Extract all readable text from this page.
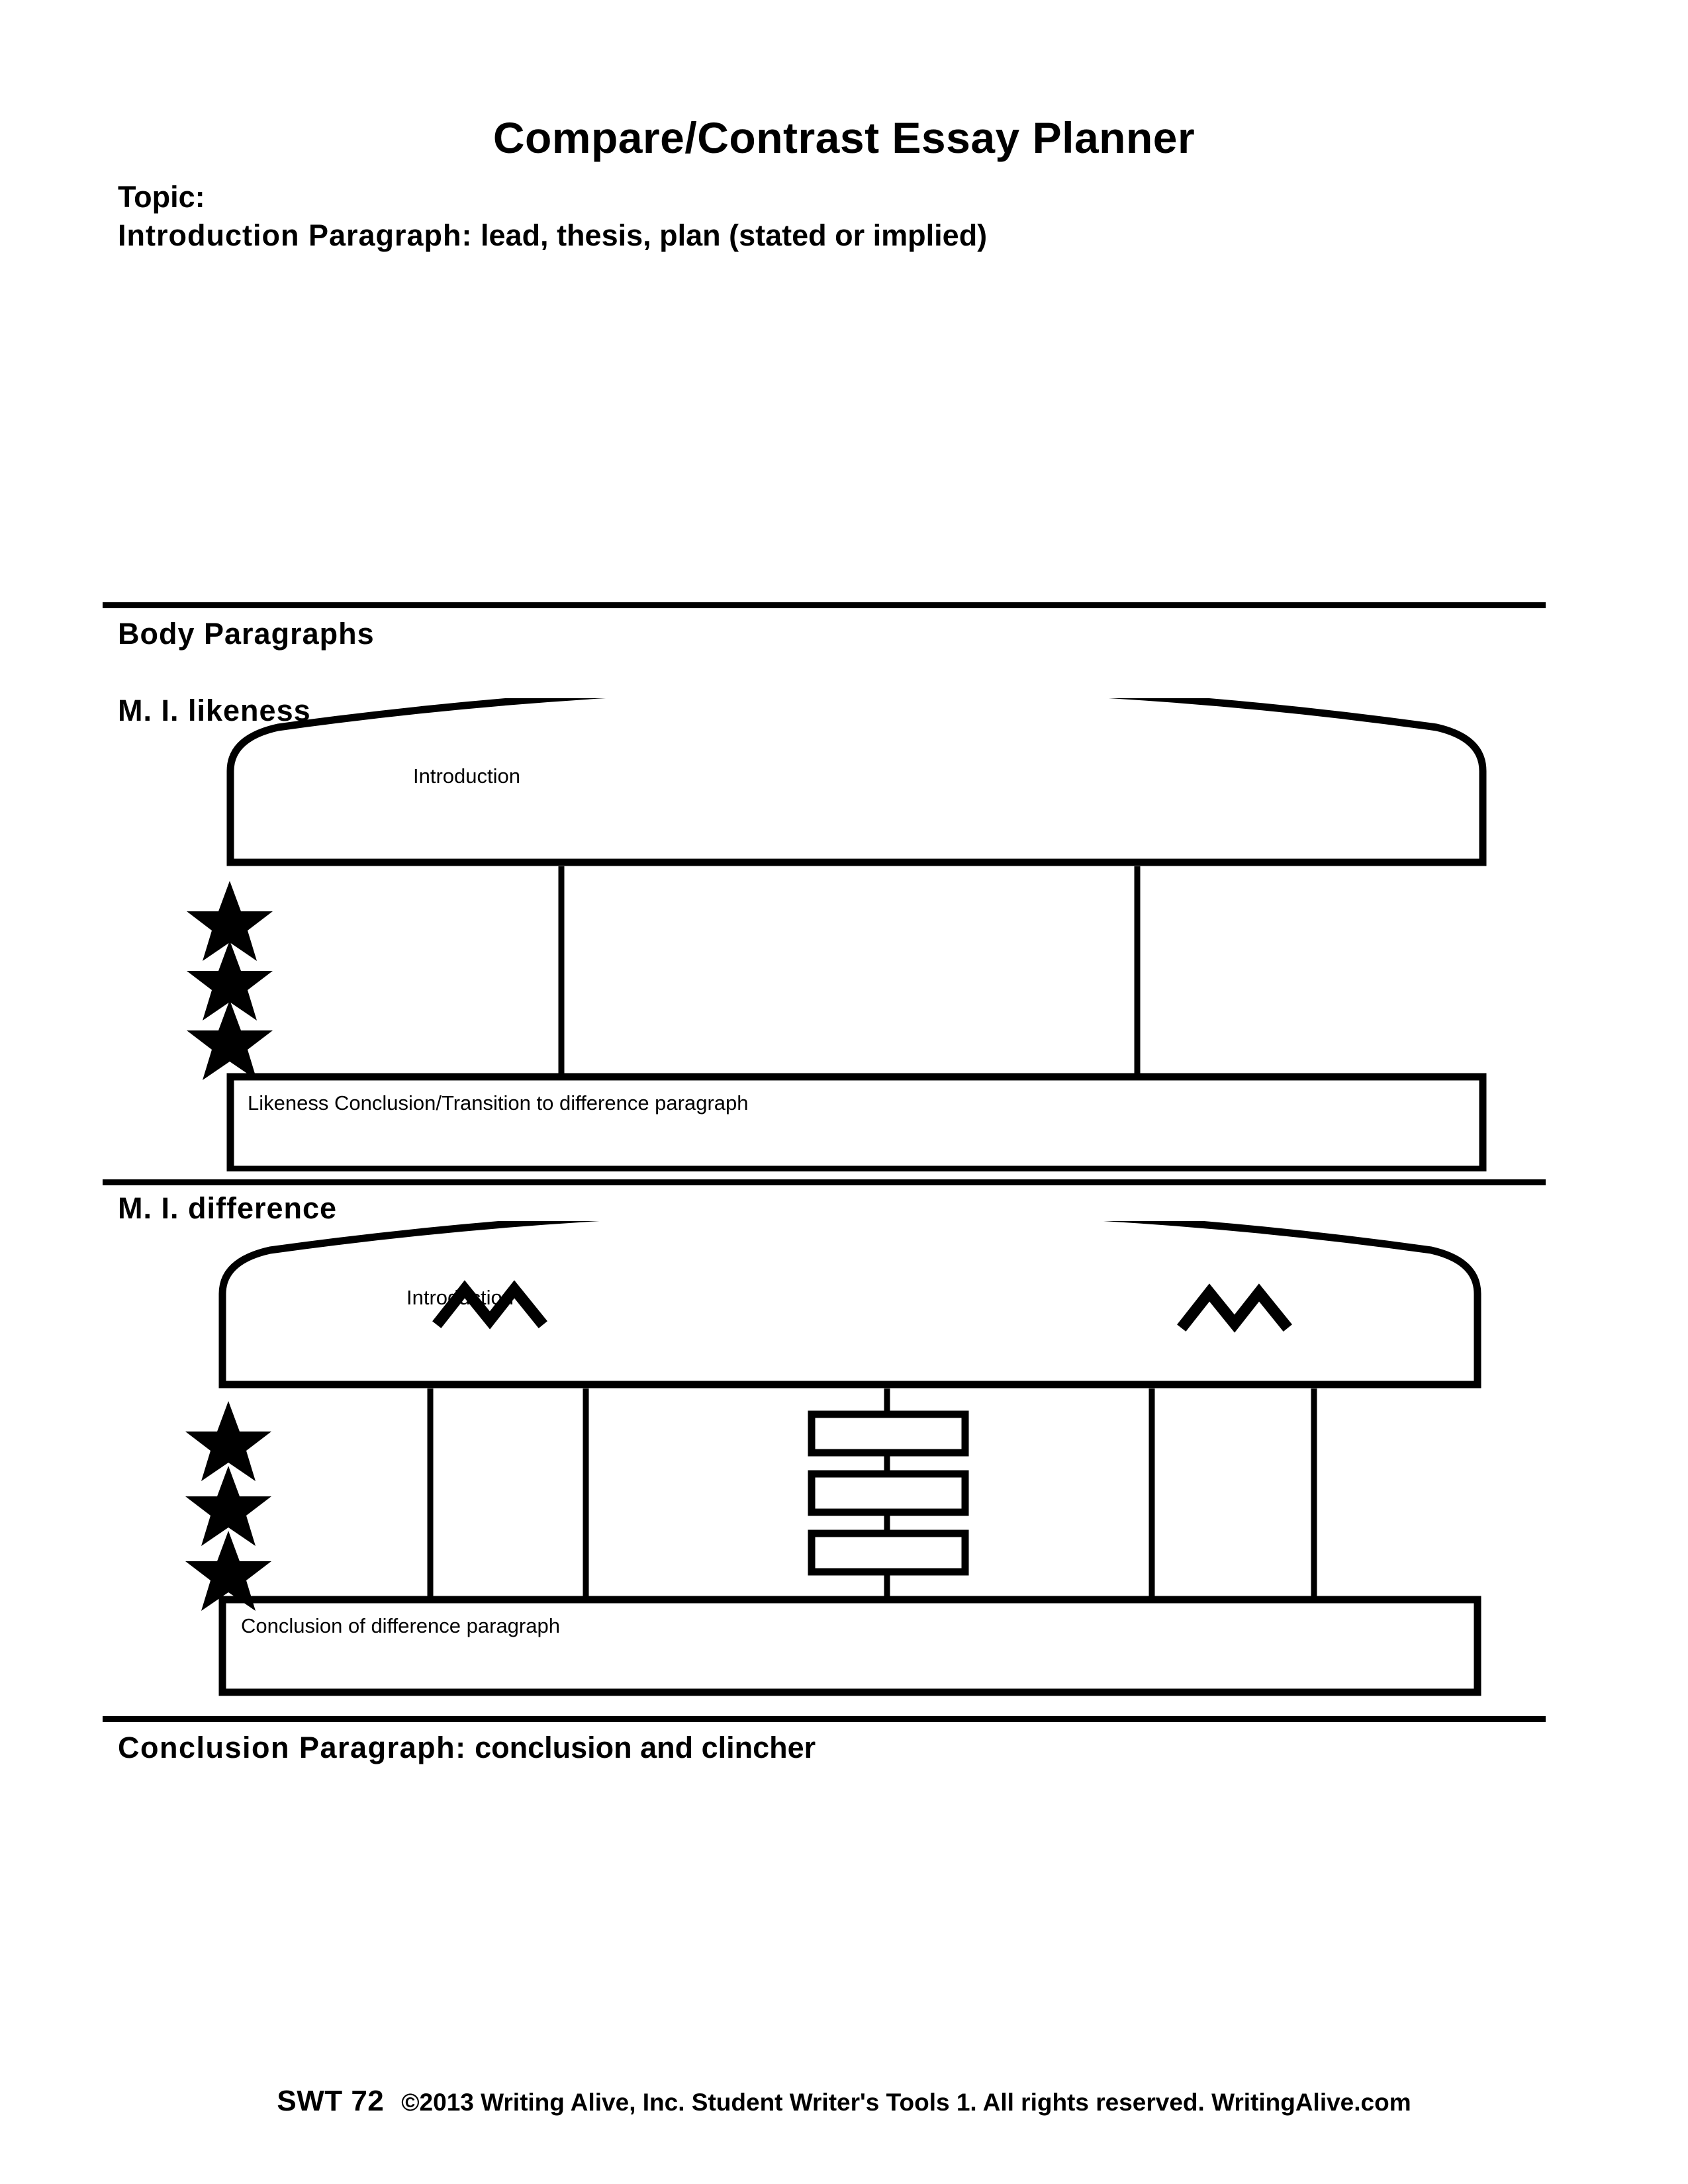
Compare/Contrast Essay Planner
Topic:
Introduction Paragraph: lead, thesis, plan (stated or implied)
Body Paragraphs
M. I. likeness
Introduction
Likeness Conclusion/Transition to difference paragraph
M. I. difference
Introduction
Conclusion of difference paragraph
Conclusion Paragraph: conclusion and clincher
SWT 72 ©2013 Writing Alive, Inc. Student Writer's Tools 1. All rights reserved. WritingAlive.com
